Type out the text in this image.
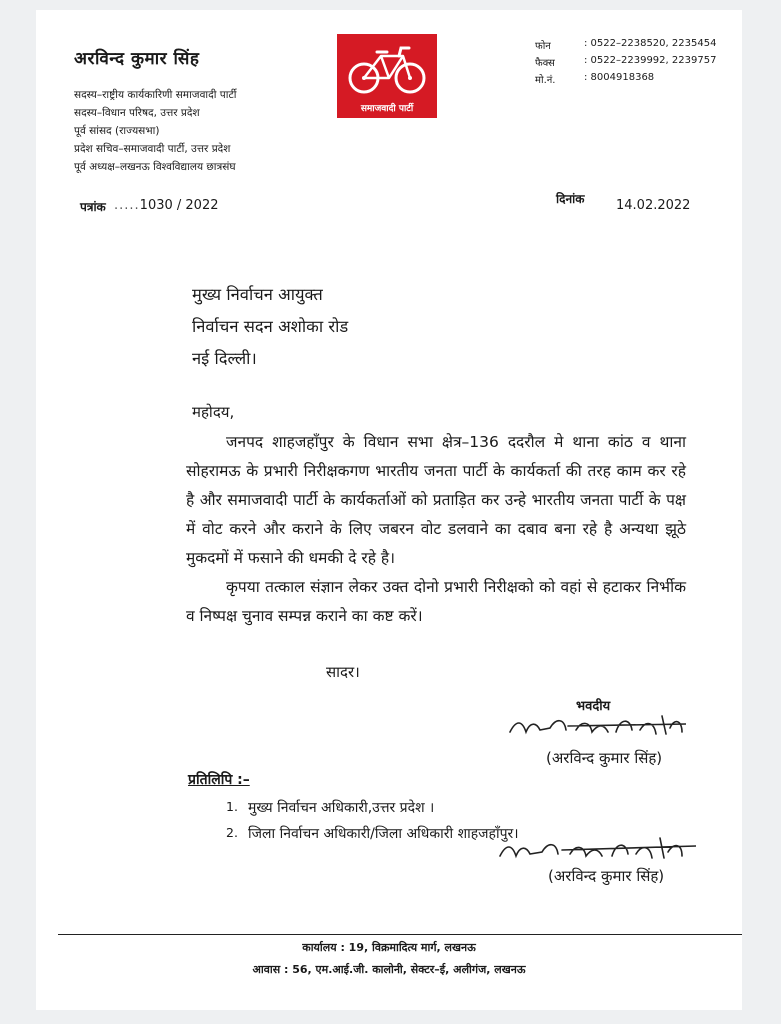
अरविन्द कुमार सिंह
सदस्य–राष्ट्रीय कार्यकारिणी समाजवादी पार्टी
सदस्य–विधान परिषद, उत्तर प्रदेश
पूर्व सांसद (राज्यसभा)
प्रदेश सचिव–समाजवादी पार्टी, उत्तर प्रदेश
पूर्व अध्यक्ष–लखनऊ विश्वविद्यालय छात्रसंघ
समाजवादी पार्टी
फोन	: 0522–2238520, 2235454
फैक्स	: 0522–2239992, 2239757
मो.नं.	: 8004918368
पत्रांक .....1030 / 2022	दिनांक 14.02.2022
मुख्य निर्वाचन आयुक्त
निर्वाचन सदन अशोका रोड
नई दिल्ली।
महोदय,

जनपद शाहजहाँपुर के विधान सभा क्षेत्र–136 ददरौल मे थाना कांठ व थाना सोहरामऊ के प्रभारी निरीक्षकगण भारतीय जनता पार्टी के कार्यकर्ता की तरह काम कर रहे है और समाजवादी पार्टी के कार्यकर्ताओं को प्रताड़ित कर उन्हे भारतीय जनता पार्टी के पक्ष में वोट करने और कराने के लिए जबरन वोट डलवाने का दबाव बना रहे है अन्यथा झूठे मुकदमों में फसाने की धमकी दे रहे है।

कृपया तत्काल संज्ञान लेकर उक्त दोनो प्रभारी निरीक्षको को वहां से हटाकर निर्भीक व निष्पक्ष चुनाव सम्पन्न कराने का कष्ट करें।

सादर।
भवदीय
(अरविन्द कुमार सिंह)
प्रतिलिपि :–
1. मुख्य निर्वाचन अधिकारी,उत्तर प्रदेश ।
2. जिला निर्वाचन अधिकारी/जिला अधिकारी शाहजहाँपुर।
(अरविन्द कुमार सिंह)
कार्यालय : 19, विक्रमादित्य मार्ग, लखनऊ
आवास : 56, एम.आई.जी. कालोनी, सेक्टर–ई, अलीगंज, लखनऊ
